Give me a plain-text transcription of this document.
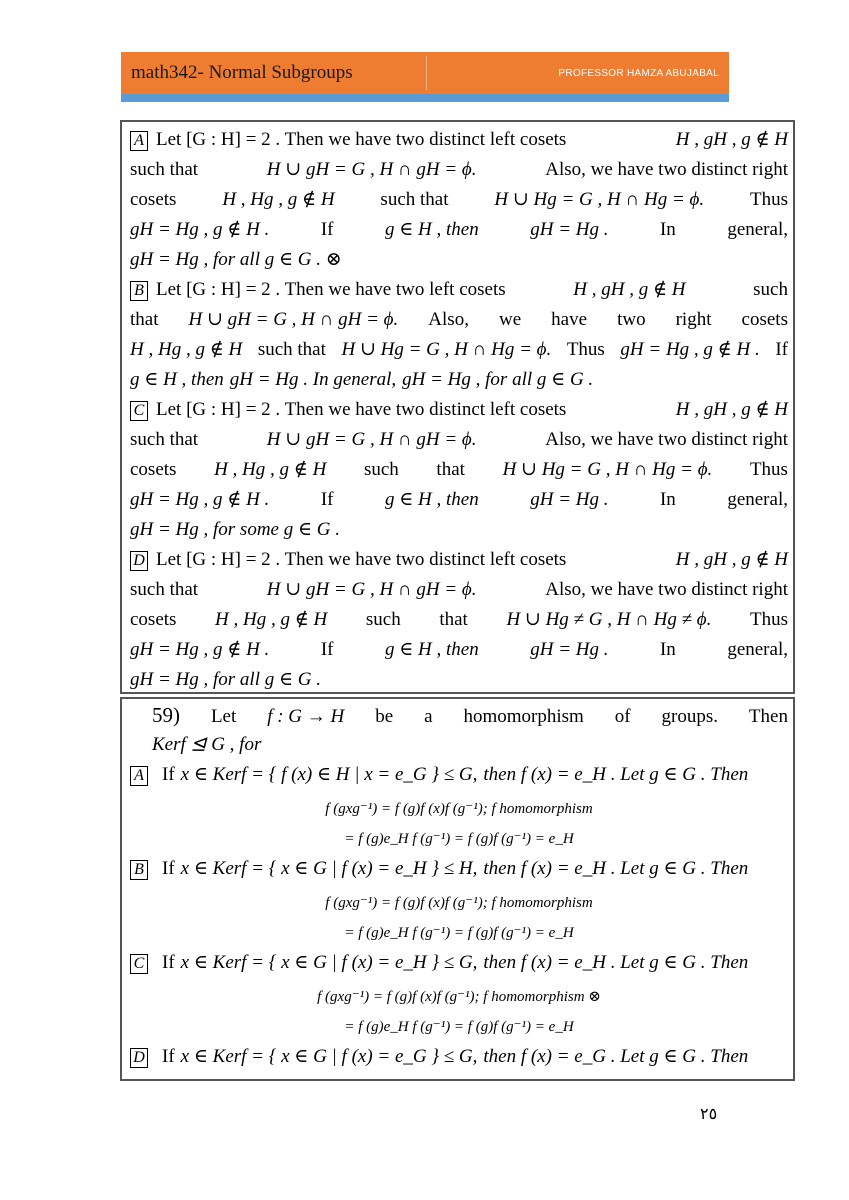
math342- Normal Subgroups	PROFESSOR HAMZA ABUJABAL
A Let [G : H] = 2 . Then we have two distinct left cosets	H , gH , g ∉ H
such that	H ∪ gH = G , H ∩ gH = ϕ.	Also, we have two distinct right
cosets H , Hg , g ∉ H such that H ∪ Hg = G , H ∩ Hg = ϕ. Thus
gH = Hg , g ∉ H .	If	g ∈ H , then	gH = Hg .	In	general,
gH = Hg , for all g ∈ G . ⊗
B Let [G : H] = 2 . Then we have two left cosets	H , gH , g ∉ H	such
that H ∪ gH = G , H ∩ gH = ϕ. Also, we have two right cosets
H , Hg , g ∉ H such that H ∪ Hg = G , H ∩ Hg = ϕ. Thus gH = Hg , g ∉ H . If
g ∈ H , then gH = Hg . In general, gH = Hg , for all g ∈ G .
C Let [G : H] = 2 . Then we have two distinct left cosets	H , gH , g ∉ H
such that	H ∪ gH = G , H ∩ gH = ϕ.	Also, we have two distinct right
cosets H , Hg , g ∉ H such that H ∪ Hg = G , H ∩ Hg = ϕ. Thus
gH = Hg , g ∉ H .	If	g ∈ H , then	gH = Hg .	In	general,
gH = Hg , for some g ∈ G .
D Let [G : H] = 2 . Then we have two distinct left cosets	H , gH , g ∉ H
such that	H ∪ gH = G , H ∩ gH = ϕ.	Also, we have two distinct right
cosets H , Hg , g ∉ H such that H ∪ Hg ≠ G , H ∩ Hg ≠ ϕ. Thus
gH = Hg , g ∉ H .	If	g ∈ H , then	gH = Hg .	In	general,
gH = Hg , for all g ∈ G .
59) Let f : G → H be a homomorphism of groups. Then
Kerf ⊴ G , for
A If x ∈ Kerf = { f (x) ∈ H | x = e_G } ≤ G, then f (x) = e_H . Let g ∈ G . Then
f (gxg⁻¹) = f (g)f (x)f (g⁻¹); f homomorphism
= f (g)e_H f (g⁻¹) = f (g)f (g⁻¹) = e_H
B If x ∈ Kerf = { x ∈ G | f (x) = e_H } ≤ H, then f (x) = e_H . Let g ∈ G . Then
f (gxg⁻¹) = f (g)f (x)f (g⁻¹); f homomorphism
= f (g)e_H f (g⁻¹) = f (g)f (g⁻¹) = e_H
C If x ∈ Kerf = { x ∈ G | f (x) = e_H } ≤ G, then f (x) = e_H . Let g ∈ G . Then
f (gxg⁻¹) = f (g)f (x)f (g⁻¹); f homomorphism ⊗
= f (g)e_H f (g⁻¹) = f (g)f (g⁻¹) = e_H
D If x ∈ Kerf = { x ∈ G | f (x) = e_G } ≤ G, then f (x) = e_G . Let g ∈ G . Then
٢٥
